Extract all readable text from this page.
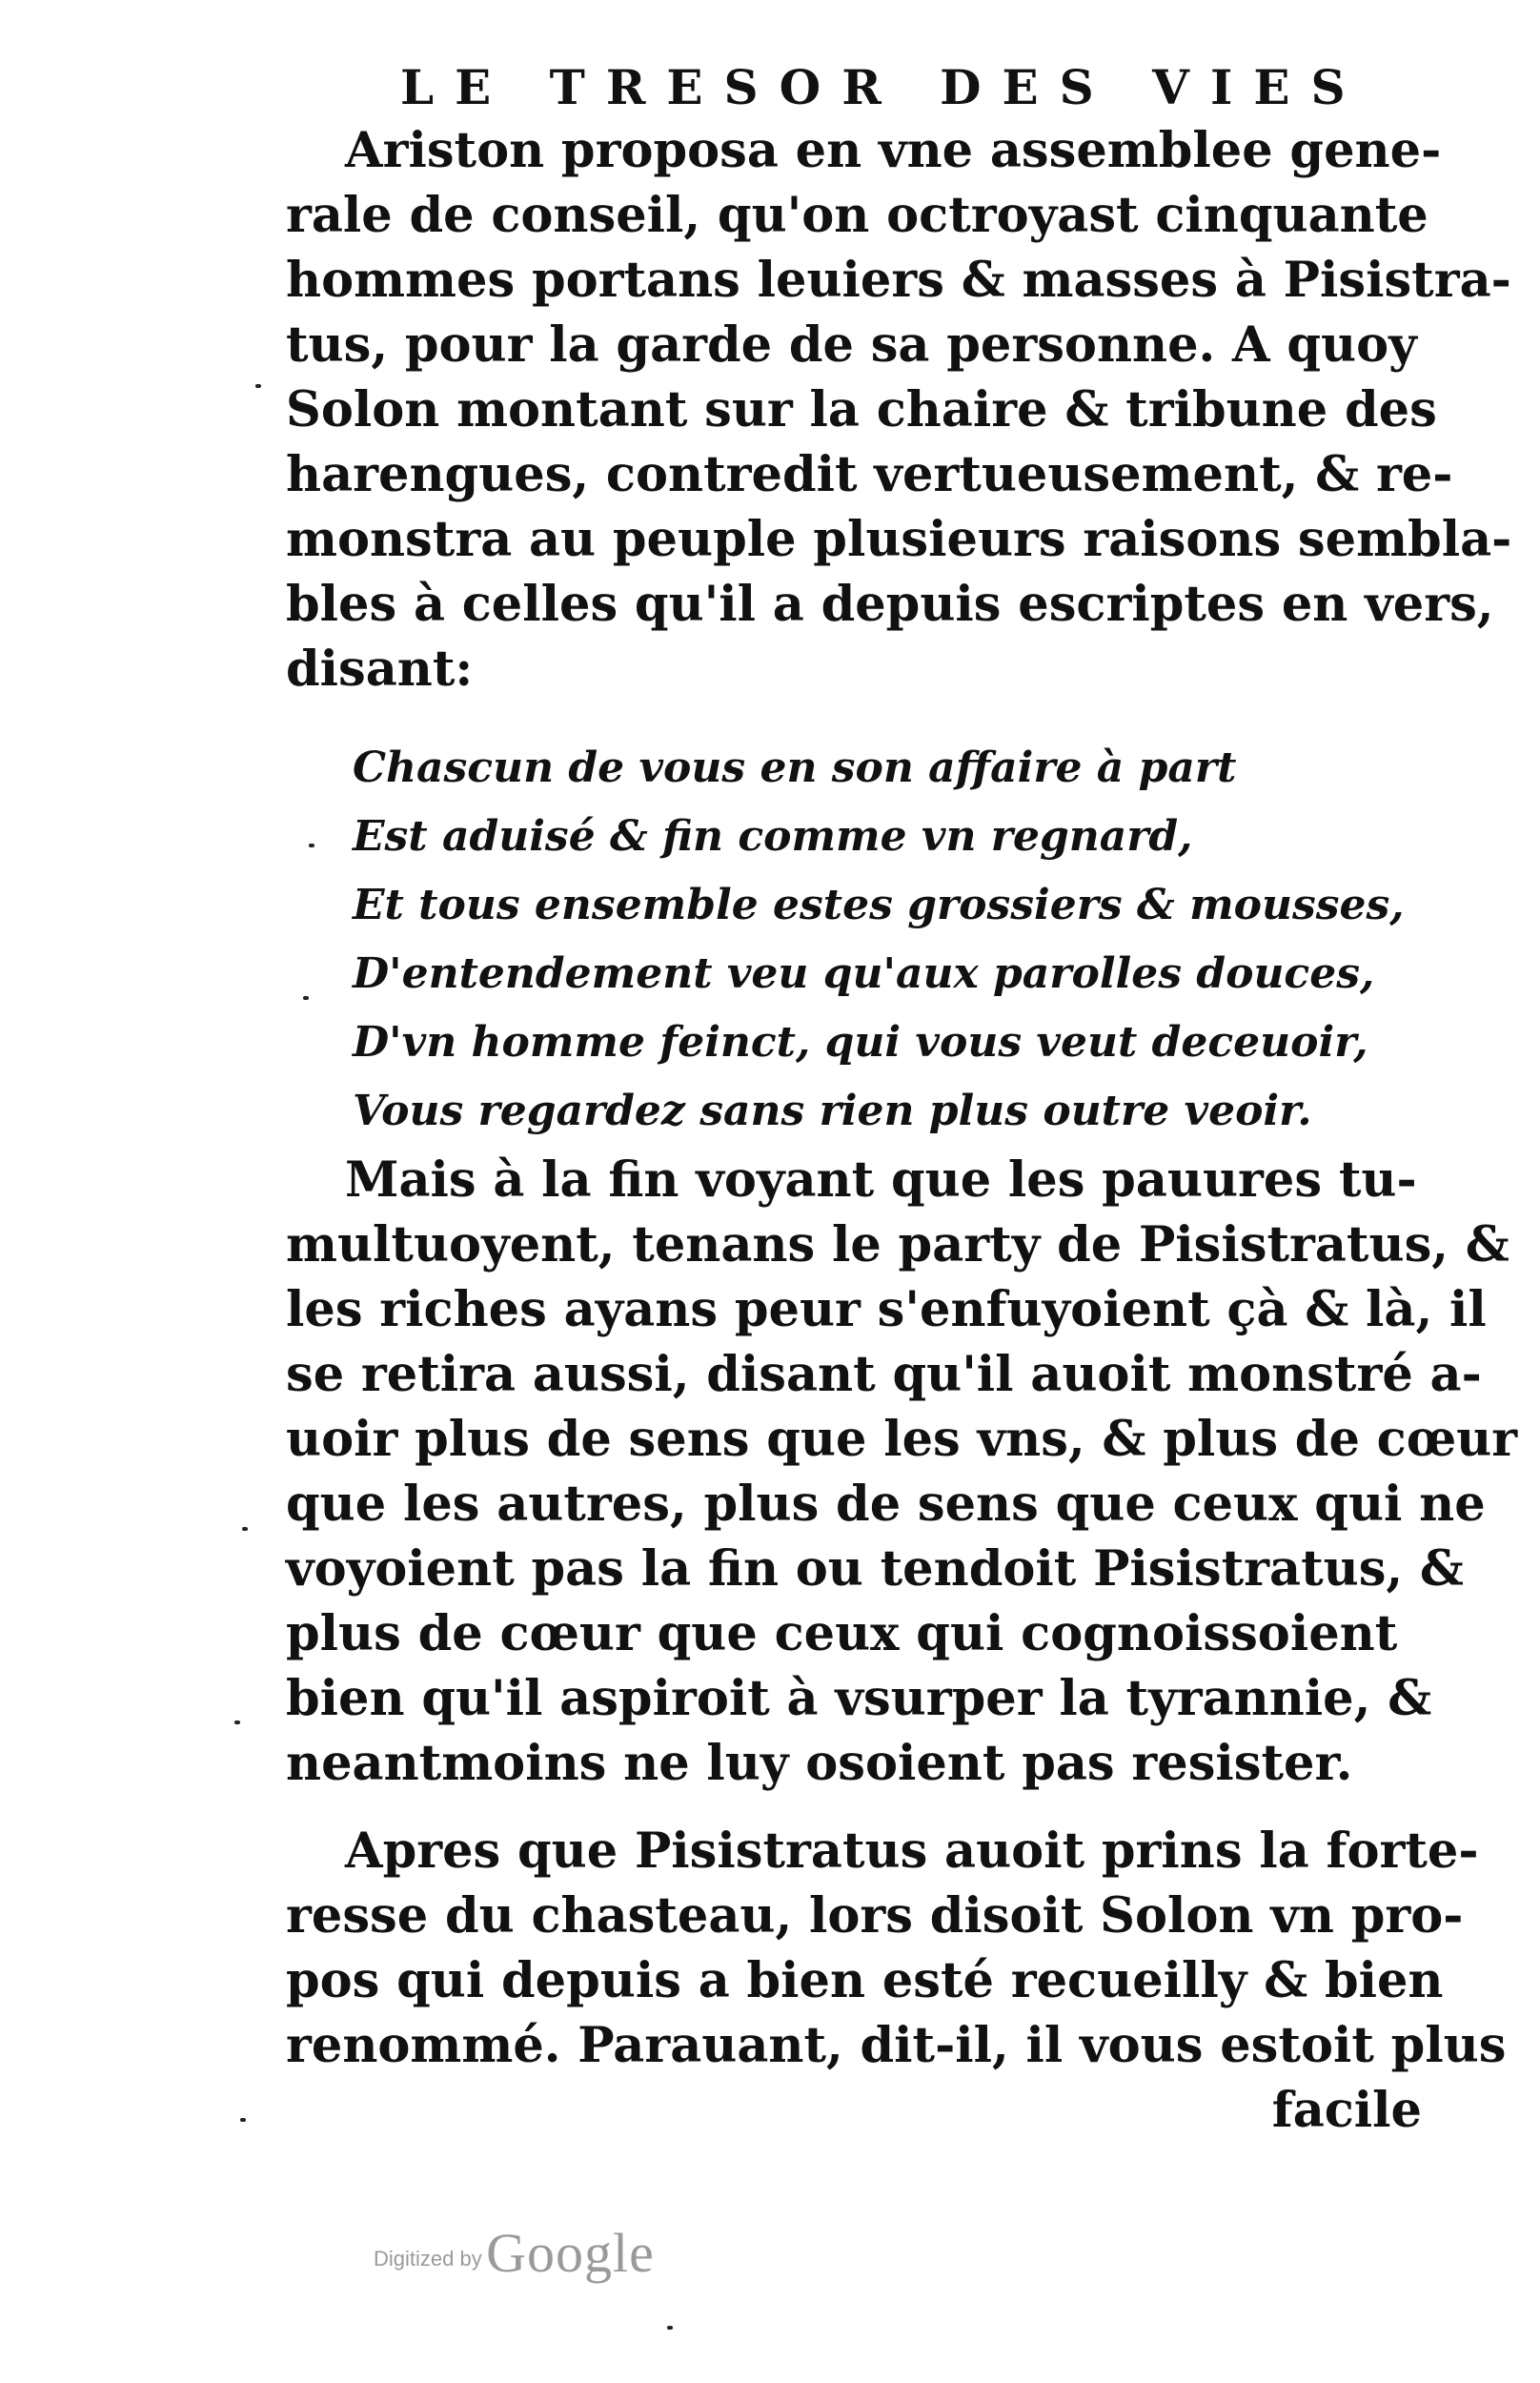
LE TRESOR DES VIES
Ariston proposa en vne assemblee gene-
rale de conseil, qu'on octroyast cinquante
hommes portans leuiers & masses à Pisistra-
tus, pour la garde de sa personne. A quoy
Solon montant sur la chaire & tribune des
harengues, contredit vertueusement, & re-
monstra au peuple plusieurs raisons sembla-
bles à celles qu'il a depuis escriptes en vers,
disant:
Chascun de vous en son affaire à part
Est aduisé & fin comme vn regnard,
Et tous ensemble estes grossiers & mousses,
D'entendement veu qu'aux parolles douces,
D'vn homme feinct, qui vous veut deceuoir,
Vous regardez sans rien plus outre veoir.
Mais à la fin voyant que les pauures tu-
multuoyent, tenans le party de Pisistratus, &
les riches ayans peur s'enfuyoient çà & là, il
se retira aussi, disant qu'il auoit monstré a-
uoir plus de sens que les vns, & plus de cœur
que les autres, plus de sens que ceux qui ne
voyoient pas la fin ou tendoit Pisistratus, &
plus de cœur que ceux qui cognoissoient
bien qu'il aspiroit à vsurper la tyrannie, &
neantmoins ne luy osoient pas resister.
Apres que Pisistratus auoit prins la forte-
resse du chasteau, lors disoit Solon vn pro-
pos qui depuis a bien esté recueilly & bien
renommé. Parauant, dit-il, il vous estoit plus
facile
Digitized by Google
